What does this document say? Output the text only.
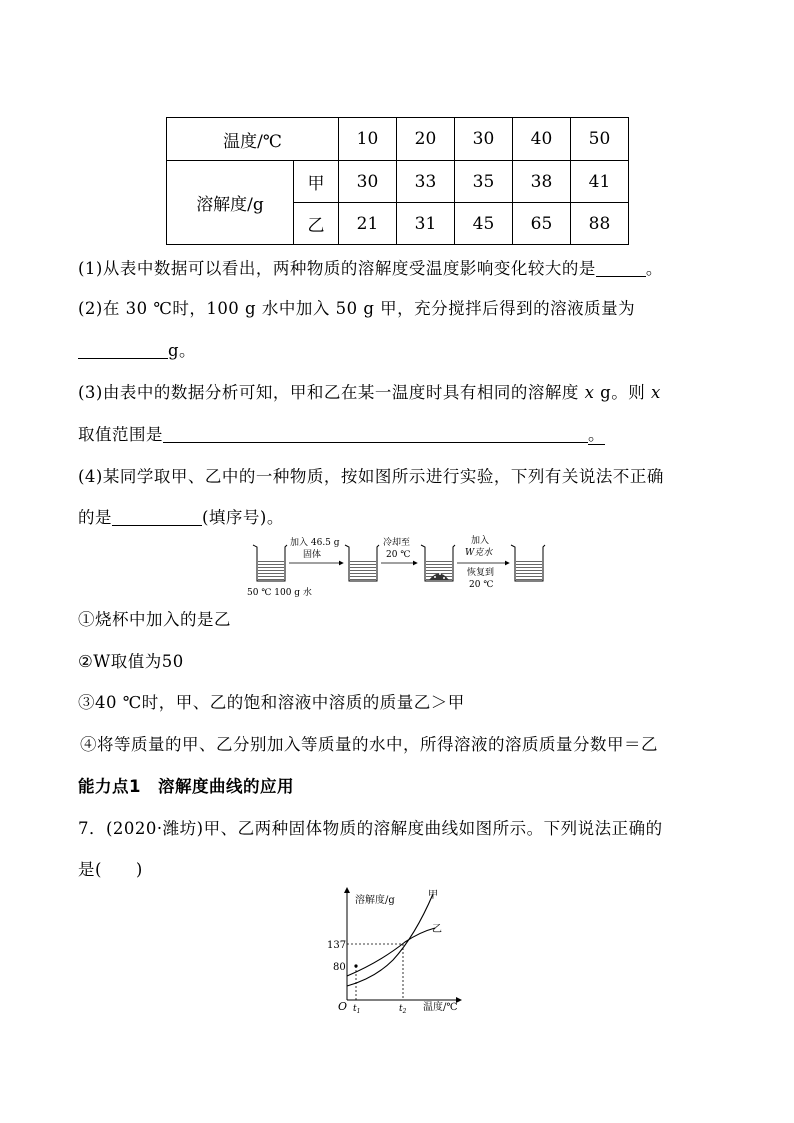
温度/℃		10	20	30	40	50
溶解度/g	甲	30	33	35	38	41
	乙	21	31	45	65	88
(1)从表中数据可以看出，两种物质的溶解度受温度影响变化较大的是	。
(2)在 30 ℃时，100 g 水中加入 50 g 甲，充分搅拌后得到的溶液质量为
g。
(3)由表中的数据分析可知，甲和乙在某一温度时具有相同的溶解度 x g。则 x
取值范围是	。
(4)某同学取甲、乙中的一种物质，按如图所示进行实验，下列有关说法不正确
的是	(填序号)。
50 ℃ 100 g 水
加入 46.5 g
固体
冷却至
20 ℃
加入
W克水
恢复到
20 ℃
①烧杯中加入的是乙
②W取值为50
③40 ℃时，甲、乙的饱和溶液中溶质的质量乙＞甲
④将等质量的甲、乙分别加入等质量的水中，所得溶液的溶质质量分数甲＝乙
能力点1　溶解度曲线的应用
7．(2020·潍坊)甲、乙两种固体物质的溶解度曲线如图所示。下列说法正确的
是(　　)
溶解度/g
温度/℃
O
137
80
$t_1$	$t_2$
甲
乙
